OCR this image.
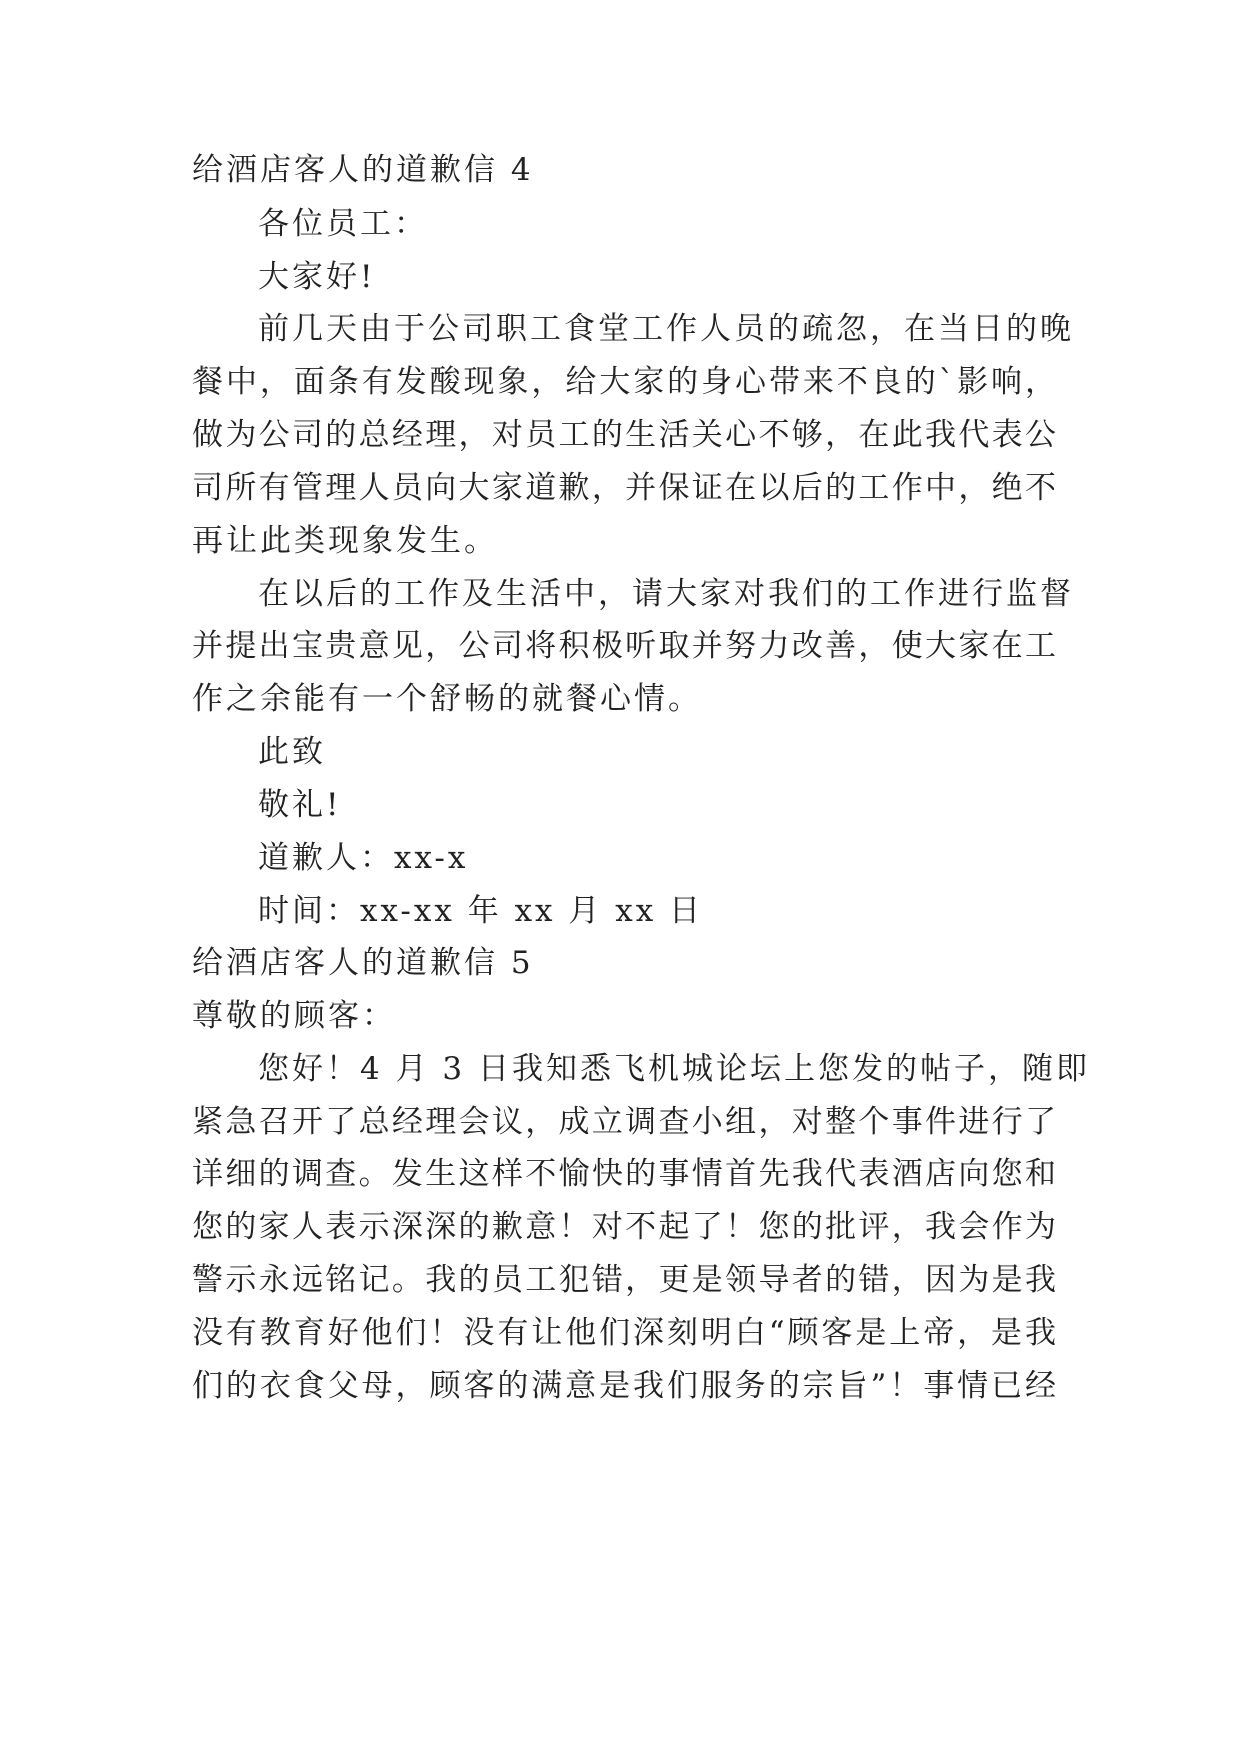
给酒店客人的道歉信 4
各位员工：
大家好!
前几天由于公司职工食堂工作人员的疏忽，在当日的晚
餐中，面条有发酸现象，给大家的身心带来不良的`影响，
做为公司的总经理，对员工的生活关心不够，在此我代表公
司所有管理人员向大家道歉，并保证在以后的工作中，绝不
再让此类现象发生。
在以后的工作及生活中，请大家对我们的工作进行监督
并提出宝贵意见，公司将积极听取并努力改善，使大家在工
作之余能有一个舒畅的就餐心情。
此致
敬礼!
道歉人：xx-x
时间：xx-xx 年 xx 月 xx 日
给酒店客人的道歉信 5
尊敬的顾客：
您好！4 月 3 日我知悉飞机城论坛上您发的帖子，随即
紧急召开了总经理会议，成立调查小组，对整个事件进行了
详细的调查。发生这样不愉快的事情首先我代表酒店向您和
您的家人表示深深的歉意！对不起了！您的批评，我会作为
警示永远铭记。我的员工犯错，更是领导者的错，因为是我
没有教育好他们！没有让他们深刻明白“顾客是上帝，是我
们的衣食父母，顾客的满意是我们服务的宗旨”！事情已经
